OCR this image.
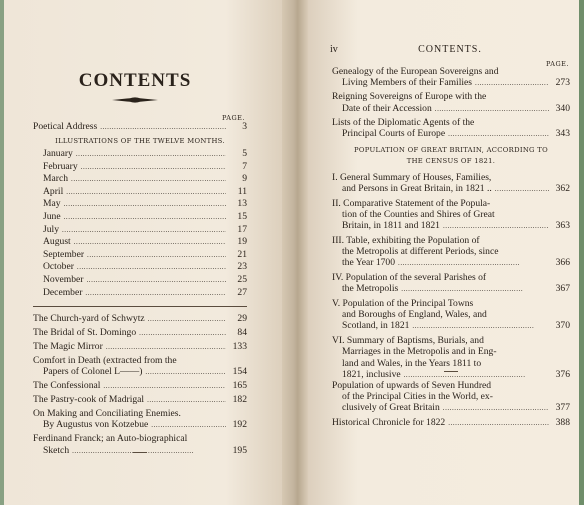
CONTENTS
PAGE.
Poetical Address . . .	3
ILLUSTRATIONS OF THE TWELVE MONTHS.
January . . .	5
February . . .	7
March . . .	9
April . . .	11
May . . .	13
June . . .	15
July . . .	17
August . . .	19
September . . .	21
October . . .	23
November . . .	25
December . . .	27
The Church-yard of Schwytz . . .	29
The Bridal of St. Domingo . . .	84
The Magic Mirror . . .	133
Comfort in Death (extracted from the
Papers of Colonel L——) . . .	154
The Confessional . . .	165
The Pastry-cook of Madrigal . . .	182
On Making and Conciliating Enemies.
By Augustus von Kotzebue . . .	192
Ferdinand Franck; an Auto-biographical
Sketch . . .	195
iv	CONTENTS.
PAGE.
Genealogy of the European Sovereigns and
Living Members of their Families . . .	273
Reigning Sovereigns of Europe with the
Date of their Accession . . .	340
Lists of the Diplomatic Agents of the
Principal Courts of Europe . . .	343
POPULATION OF GREAT BRITAIN, ACCORDING TO
THE CENSUS OF 1821.
I. General Summary of Houses, Families,
and Persons in Great Britain, in 1821 .. . . .	362
II. Comparative Statement of the Popula-
tion of the Counties and Shires of Great
Britain, in 1811 and 1821 . . .	363
III. Table, exhibiting the Population of
the Metropolis at different Periods, since
the Year 1700 . . .	366
IV. Population of the several Parishes of
the Metropolis . . .	367
V. Population of the Principal Towns
and Boroughs of England, Wales, and
Scotland, in 1821 . . .	370
VI. Summary of Baptisms, Burials, and
Marriages in the Metropolis and in Eng-
land and Wales, in the Years 1811 to
1821, inclusive . . .	376
Population of upwards of Seven Hundred
of the Principal Cities in the World, ex-
clusively of Great Britain . . .	377
Historical Chronicle for 1822 . . .	388
